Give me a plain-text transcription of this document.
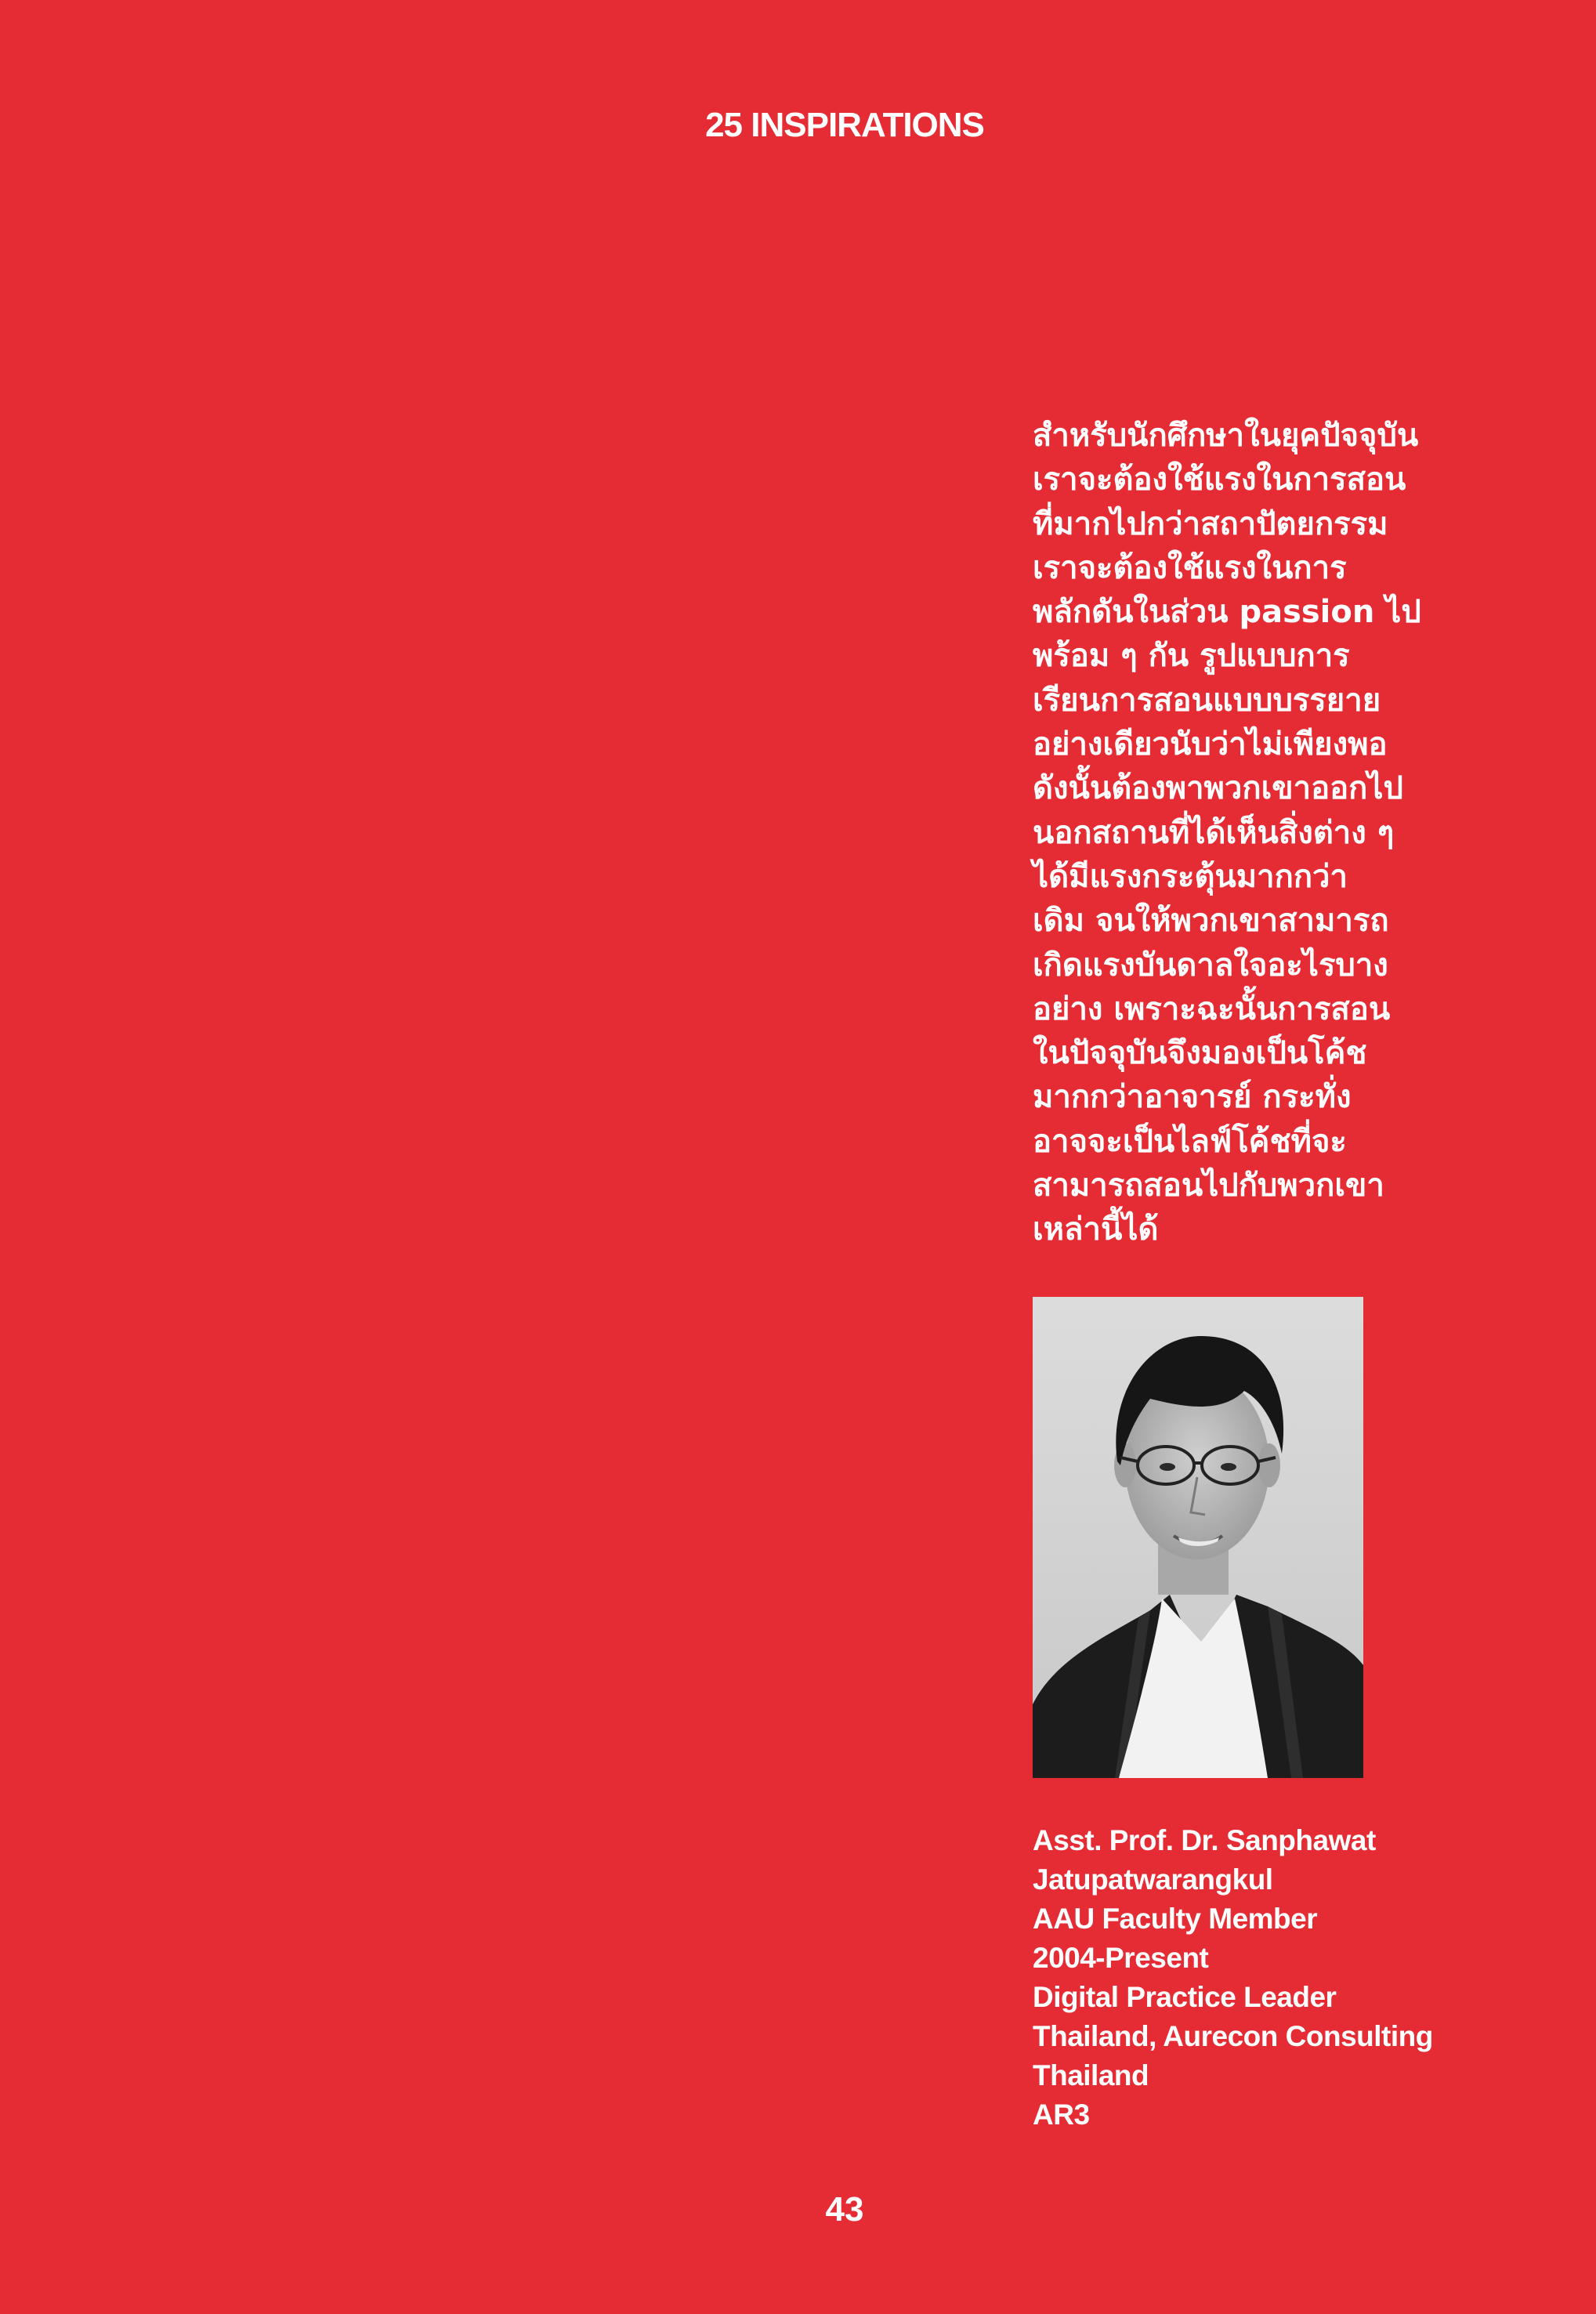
25 INSPIRATIONS
สำหรับนักศึกษาในยุคปัจจุบัน
เราจะต้องใช้แรงในการสอน
ที่มากไปกว่าสถาปัตยกรรม
เราจะต้องใช้แรงในการ
พลักดันในส่วน passion ไป
พร้อม ๆ กัน รูปแบบการ
เรียนการสอนแบบบรรยาย
อย่างเดียวนับว่าไม่เพียงพอ
ดังนั้นต้องพาพวกเขาออกไป
นอกสถานที่ได้เห็นสิ่งต่าง ๆ
ได้มีแรงกระตุ้นมากกว่า
เดิม จนให้พวกเขาสามารถ
เกิดแรงบันดาลใจอะไรบาง
อย่าง เพราะฉะนั้นการสอน
ในปัจจุบันจึงมองเป็นโค้ช
มากกว่าอาจารย์ กระทั่ง
อาจจะเป็นไลฟ์โค้ชที่จะ
สามารถสอนไปกับพวกเขา
เหล่านี้ได้
Asst. Prof. Dr. Sanphawat
Jatupatwarangkul
AAU Faculty Member
2004-Present
Digital Practice Leader
Thailand, Aurecon Consulting
Thailand
AR3
43
